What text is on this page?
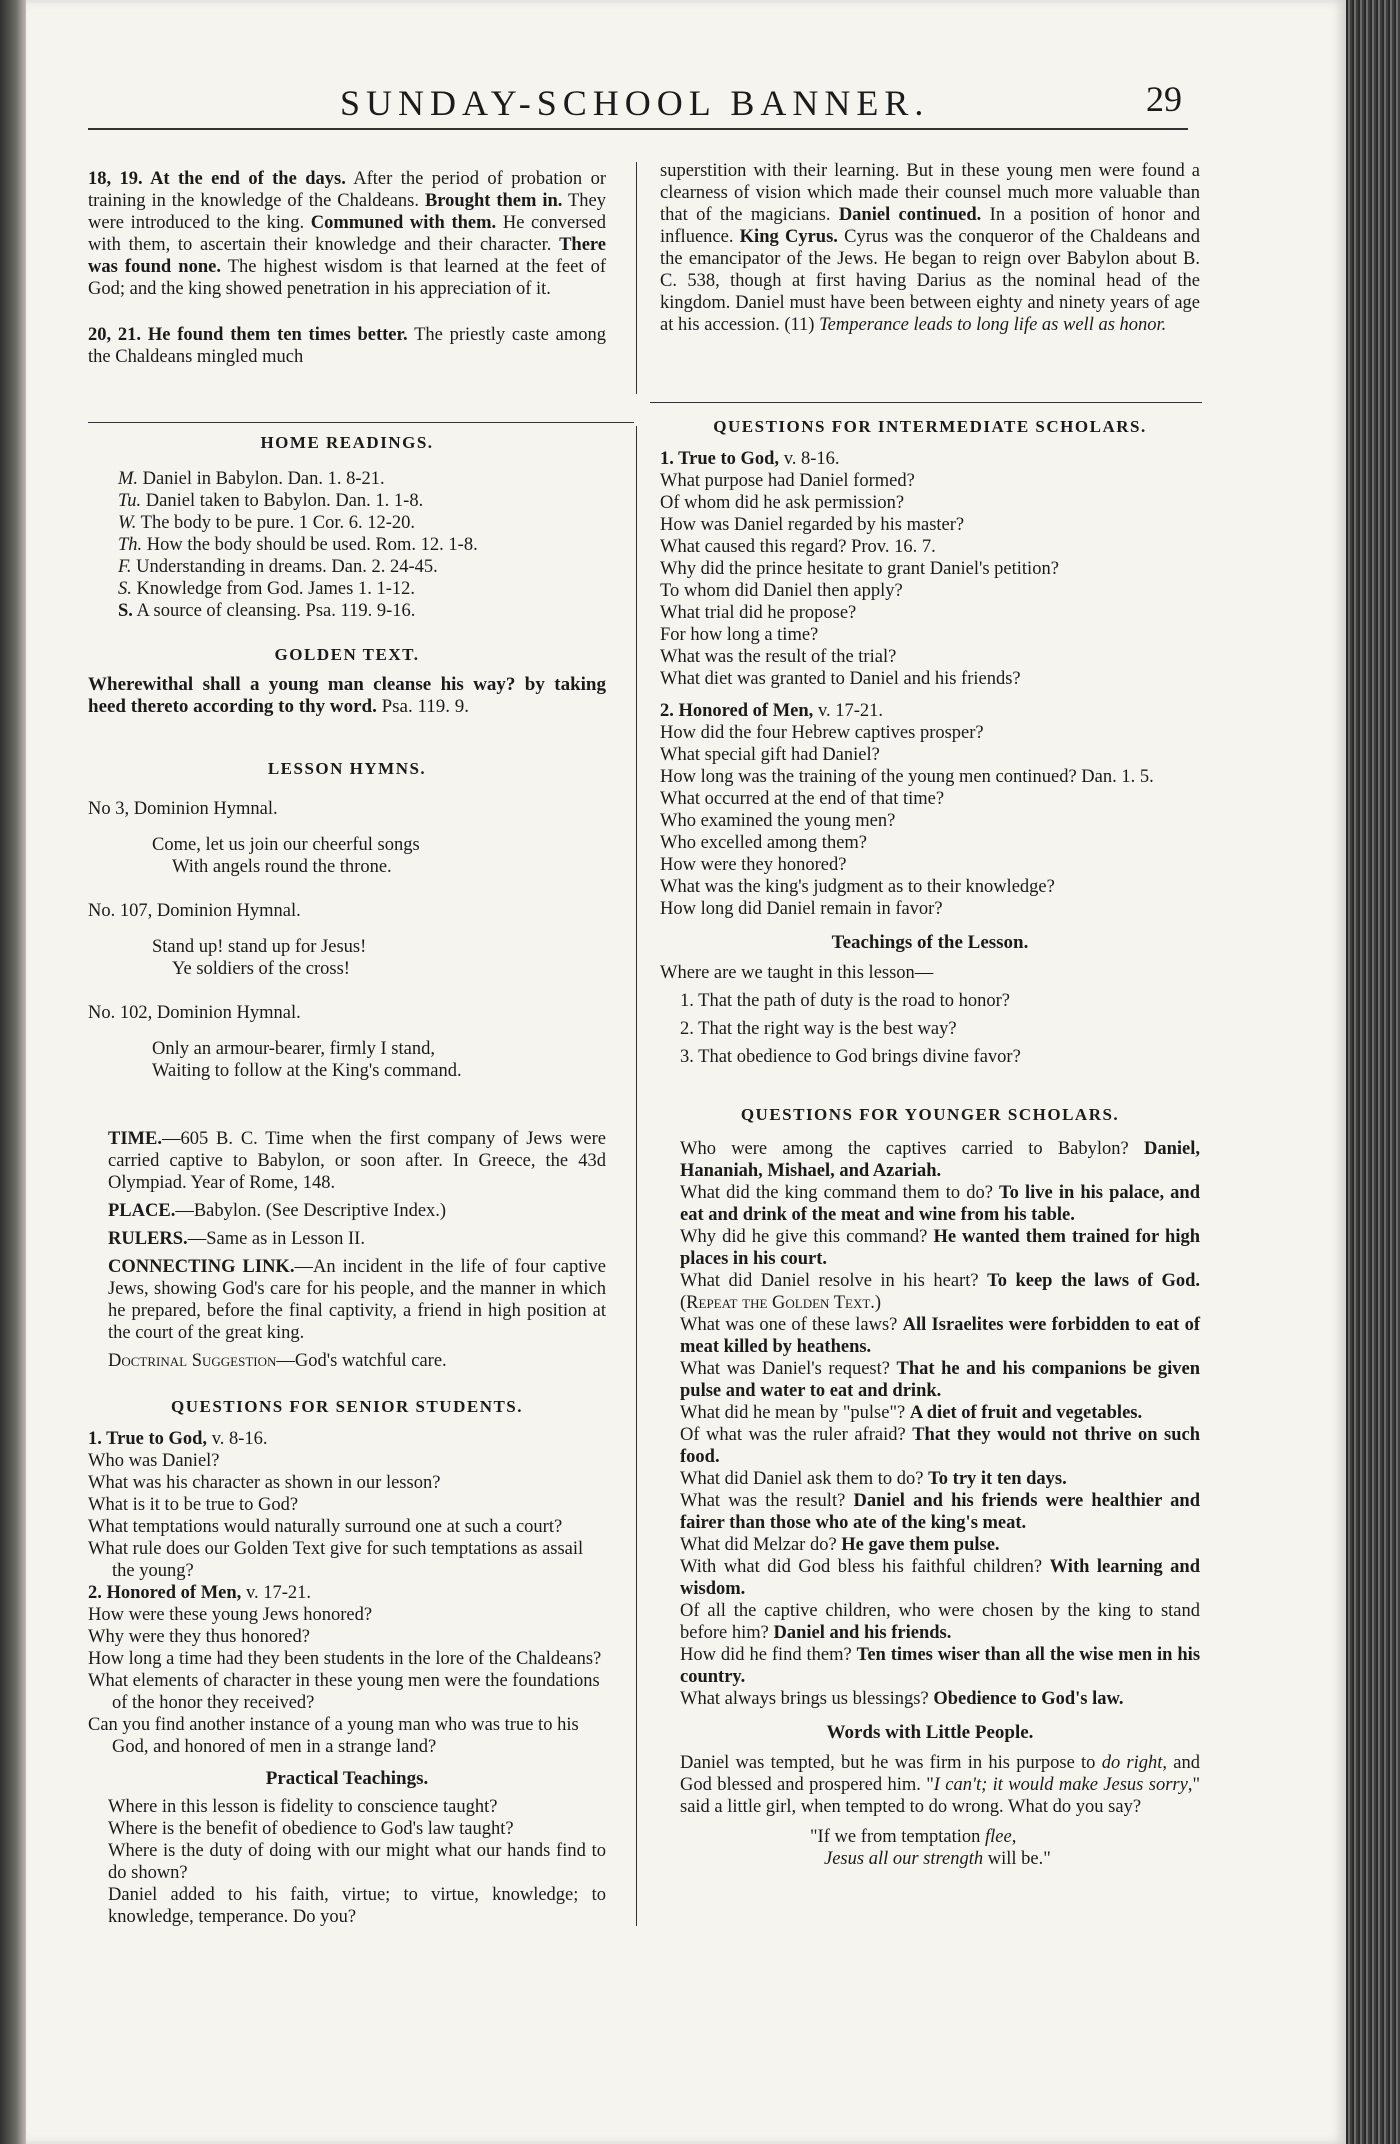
SUNDAY-SCHOOL BANNER.	29

18, 19. At the end of the days. After the period of probation or training in the knowledge of the Chaldeans. Brought them in. They were introduced to the king. Communed with them. He conversed with them, to ascertain their knowledge and their character. There was found none. The highest wisdom is that learned at the feet of God; and the king showed penetration in his appreciation of it.

20, 21. He found them ten times better. The priestly caste among the Chaldeans mingled much

superstition with their learning. But in these young men were found a clearness of vision which made their counsel much more valuable than that of the magicians. Daniel continued. In a position of honor and influence. King Cyrus. Cyrus was the conqueror of the Chaldeans and the emancipator of the Jews. He began to reign over Babylon about B. C. 538, though at first having Darius as the nominal head of the kingdom. Daniel must have been between eighty and ninety years of age at his accession. (11) Temperance leads to long life as well as honor.

HOME READINGS.

M. Daniel in Babylon. Dan. 1. 8-21.

Tu. Daniel taken to Babylon. Dan. 1. 1-8.

W. The body to be pure. 1 Cor. 6. 12-20.

Th. How the body should be used. Rom. 12. 1-8.

F. Understanding in dreams. Dan. 2. 24-45.

S. Knowledge from God. James 1. 1-12.

S. A source of cleansing. Psa. 119. 9-16.

GOLDEN TEXT.

Wherewithal shall a young man cleanse his way? by taking heed thereto according to thy word. Psa. 119. 9.

LESSON HYMNS.

No 3, Dominion Hymnal.

Come, let us join our cheerful songs

With angels round the throne.

No. 107, Dominion Hymnal.

Stand up! stand up for Jesus!

Ye soldiers of the cross!

No. 102, Dominion Hymnal.

Only an armour-bearer, firmly I stand,

Waiting to follow at the King's command.

TIME.—605 B. C. Time when the first company of Jews were carried captive to Babylon, or soon after. In Greece, the 43d Olympiad. Year of Rome, 148.

PLACE.—Babylon. (See Descriptive Index.)

RULERS.—Same as in Lesson II.

CONNECTING LINK.—An incident in the life of four captive Jews, showing God's care for his people, and the manner in which he prepared, before the final captivity, a friend in high position at the court of the great king.

Doctrinal Suggestion—God's watchful care.

QUESTIONS FOR SENIOR STUDENTS.

1. True to God, v. 8-16.

Who was Daniel?

What was his character as shown in our lesson?

What is it to be true to God?

What temptations would naturally surround one at such a court?

What rule does our Golden Text give for such temptations as assail the young?

2. Honored of Men, v. 17-21.

How were these young Jews honored?

Why were they thus honored?

How long a time had they been students in the lore of the Chaldeans?

What elements of character in these young men were the foundations of the honor they received?

Can you find another instance of a young man who was true to his God, and honored of men in a strange land?

Practical Teachings.

Where in this lesson is fidelity to conscience taught?

Where is the benefit of obedience to God's law taught?

Where is the duty of doing with our might what our hands find to do shown?

Daniel added to his faith, virtue; to virtue, knowledge; to knowledge, temperance. Do you?

QUESTIONS FOR INTERMEDIATE SCHOLARS.

1. True to God, v. 8-16.

What purpose had Daniel formed?

Of whom did he ask permission?

How was Daniel regarded by his master?

What caused this regard? Prov. 16. 7.

Why did the prince hesitate to grant Daniel's petition?

To whom did Daniel then apply?

What trial did he propose?

For how long a time?

What was the result of the trial?

What diet was granted to Daniel and his friends?

2. Honored of Men, v. 17-21.

How did the four Hebrew captives prosper?

What special gift had Daniel?

How long was the training of the young men continued? Dan. 1. 5.

What occurred at the end of that time?

Who examined the young men?

Who excelled among them?

How were they honored?

What was the king's judgment as to their knowledge?

How long did Daniel remain in favor?

Teachings of the Lesson.

Where are we taught in this lesson—

1. That the path of duty is the road to honor?

2. That the right way is the best way?

3. That obedience to God brings divine favor?

QUESTIONS FOR YOUNGER SCHOLARS.

Who were among the captives carried to Babylon? Daniel, Hananiah, Mishael, and Azariah.

What did the king command them to do? To live in his palace, and eat and drink of the meat and wine from his table.

Why did he give this command? He wanted them trained for high places in his court.

What did Daniel resolve in his heart? To keep the laws of God. (Repeat the Golden Text.)

What was one of these laws? All Israelites were forbidden to eat of meat killed by heathens.

What was Daniel's request? That he and his companions be given pulse and water to eat and drink.

What did he mean by "pulse"? A diet of fruit and vegetables.

Of what was the ruler afraid? That they would not thrive on such food.

What did Daniel ask them to do? To try it ten days.

What was the result? Daniel and his friends were healthier and fairer than those who ate of the king's meat.

What did Melzar do? He gave them pulse.

With what did God bless his faithful children? With learning and wisdom.

Of all the captive children, who were chosen by the king to stand before him? Daniel and his friends.

How did he find them? Ten times wiser than all the wise men in his country.

What always brings us blessings? Obedience to God's law.

Words with Little People.

Daniel was tempted, but he was firm in his purpose to do right, and God blessed and prospered him. "I can't; it would make Jesus sorry," said a little girl, when tempted to do wrong. What do you say?

"If we from temptation flee,

Jesus all our strength will be."
